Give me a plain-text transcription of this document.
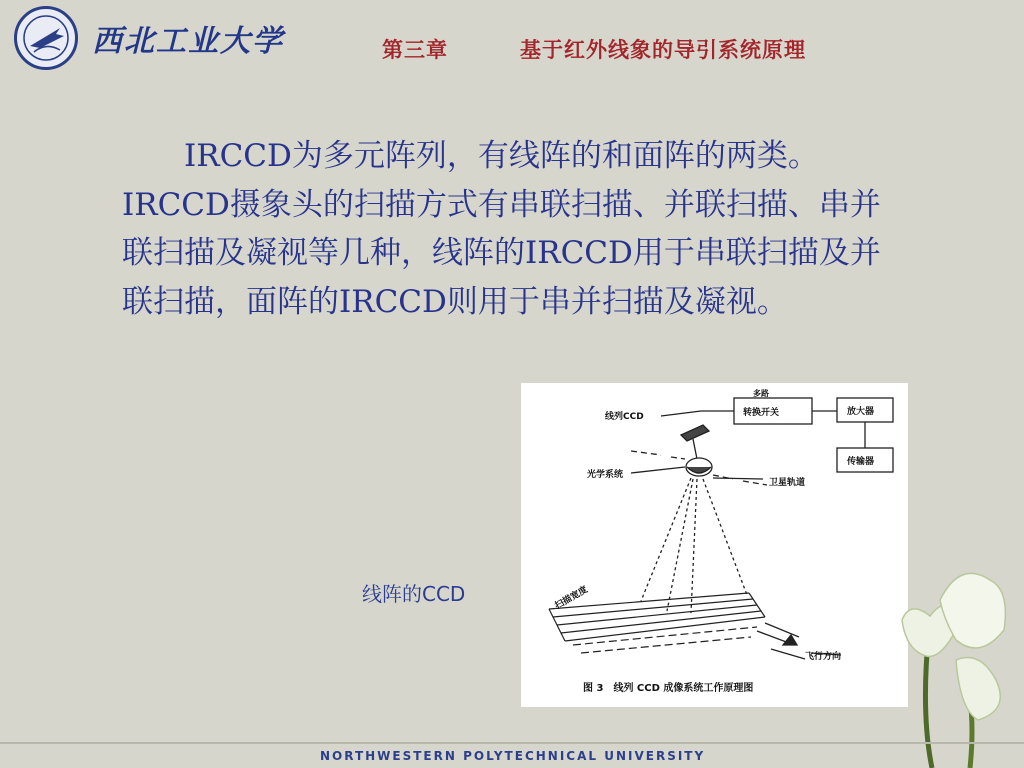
西北工业大学	第三章	基于红外线象的导引系统原理

IRCCD为多元阵列，有线阵的和面阵的两类。IRCCD摄象头的扫描方式有串联扫描、并联扫描、串并联扫描及凝视等几种，线阵的IRCCD用于串联扫描及并联扫描，面阵的IRCCD则用于串并扫描及凝视。

线列CCD
多路
转换开关	放大器
传输器
光学系统
卫星轨道
扫描宽度
飞行方向
图 3　线列 CCD 成像系统工作原理图
线阵的CCD
NORTHWESTERN POLYTECHNICAL UNIVERSITY
